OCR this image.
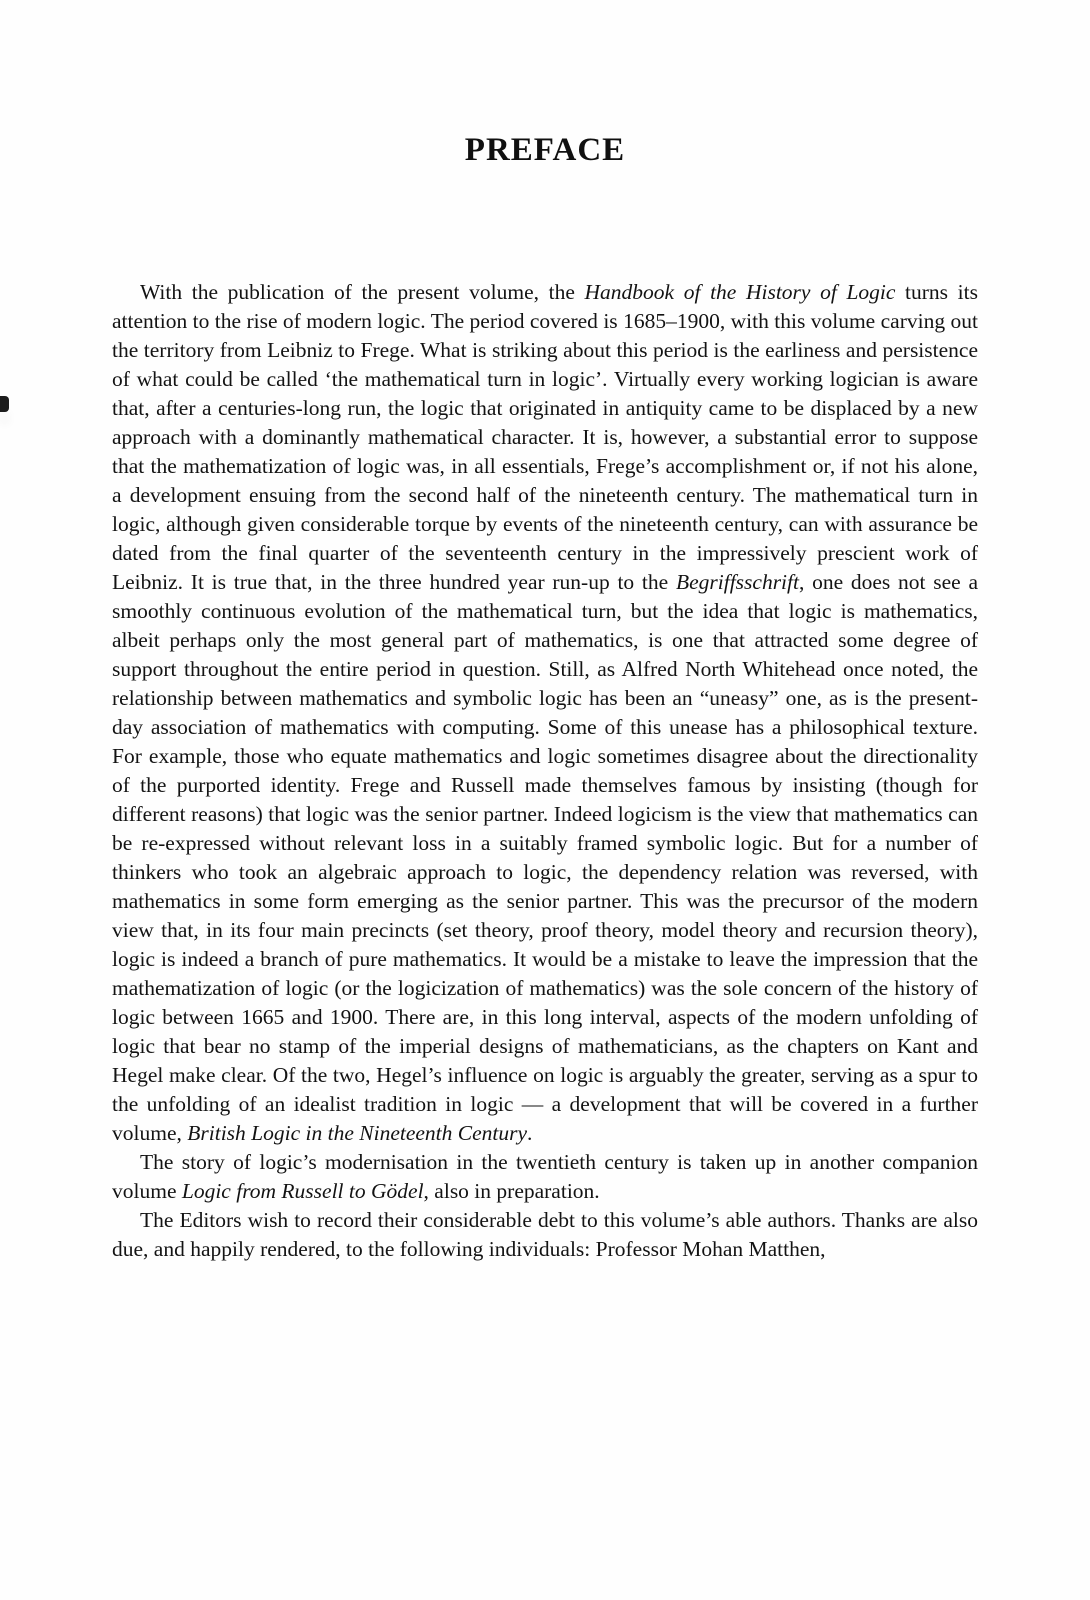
PREFACE

With the publication of the present volume, the Handbook of the History of Logic turns its attention to the rise of modern logic. The period covered is 1685–1900, with this volume carving out the territory from Leibniz to Frege. What is striking about this period is the earliness and persistence of what could be called ‘the mathematical turn in logic’. Virtually every working logician is aware that, after a centuries-long run, the logic that originated in antiquity came to be displaced by a new approach with a dominantly mathematical character. It is, however, a substantial error to suppose that the mathematization of logic was, in all essentials, Frege’s accomplishment or, if not his alone, a development ensuing from the second half of the nineteenth century. The mathematical turn in logic, although given considerable torque by events of the nineteenth century, can with assurance be dated from the final quarter of the seventeenth century in the impressively prescient work of Leibniz. It is true that, in the three hundred year run-up to the Begriffsschrift, one does not see a smoothly continuous evolution of the mathematical turn, but the idea that logic is mathematics, albeit perhaps only the most general part of mathematics, is one that attracted some degree of support throughout the entire period in question. Still, as Alfred North Whitehead once noted, the relationship between mathematics and symbolic logic has been an “uneasy” one, as is the present-day association of mathematics with computing. Some of this unease has a philosophical texture. For example, those who equate mathematics and logic sometimes disagree about the directionality of the purported identity. Frege and Russell made themselves famous by insisting (though for different reasons) that logic was the senior partner. Indeed logicism is the view that mathematics can be re-expressed without relevant loss in a suitably framed symbolic logic. But for a number of thinkers who took an algebraic approach to logic, the dependency relation was reversed, with mathematics in some form emerging as the senior partner. This was the precursor of the modern view that, in its four main precincts (set theory, proof theory, model theory and recursion theory), logic is indeed a branch of pure mathematics. It would be a mistake to leave the impression that the mathematization of logic (or the logicization of mathematics) was the sole concern of the history of logic between 1665 and 1900. There are, in this long interval, aspects of the modern unfolding of logic that bear no stamp of the imperial designs of mathematicians, as the chapters on Kant and Hegel make clear. Of the two, Hegel’s influence on logic is arguably the greater, serving as a spur to the unfolding of an idealist tradition in logic — a development that will be covered in a further volume, British Logic in the Nineteenth Century.

The story of logic’s modernisation in the twentieth century is taken up in another companion volume Logic from Russell to Gödel, also in preparation.

The Editors wish to record their considerable debt to this volume’s able authors. Thanks are also due, and happily rendered, to the following individuals: Professor Mohan Matthen,
